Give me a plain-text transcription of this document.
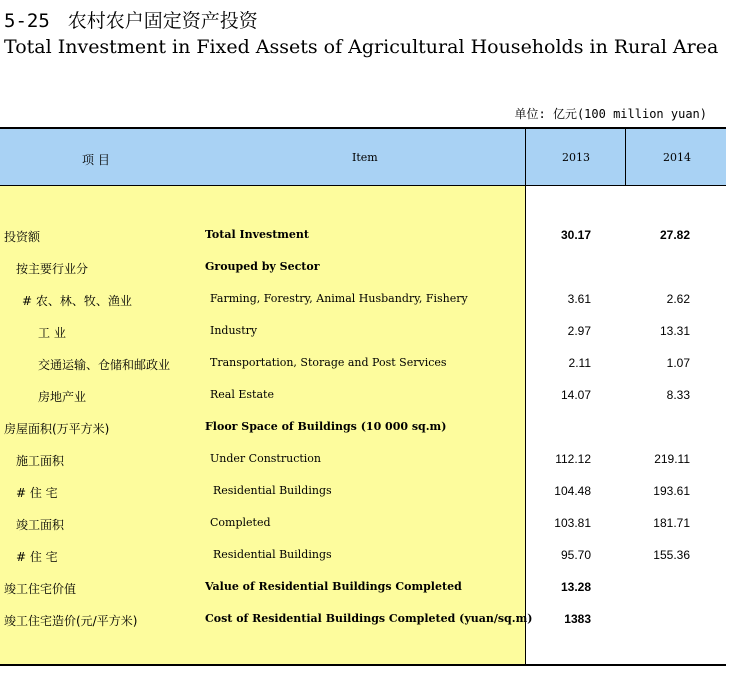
5-25 农村农户固定资产投资
Total Investment in Fixed Assets of Agricultural Households in Rural Area
单位: 亿元(100 million yuan)
项 目	Item	2013	2014
投资额	Total Investment	30.17	27.82
按主要行业分	Grouped by Sector
# 农、林、牧、渔业	Farming, Forestry, Animal Husbandry, Fishery	3.61	2.62
工 业	Industry	2.97	13.31
交通运输、仓储和邮政业	Transportation, Storage and Post Services	2.11	1.07
房地产业	Real Estate	14.07	8.33
房屋面积(万平方米)	Floor Space of Buildings (10 000 sq.m)
施工面积	Under Construction	112.12	219.11
# 住 宅	Residential Buildings	104.48	193.61
竣工面积	Completed	103.81	181.71
# 住 宅	Residential Buildings	95.70	155.36
竣工住宅价值	Value of Residential Buildings Completed	13.28
竣工住宅造价(元/平方米)	Cost of Residential Buildings Completed (yuan/sq.m)	1383
